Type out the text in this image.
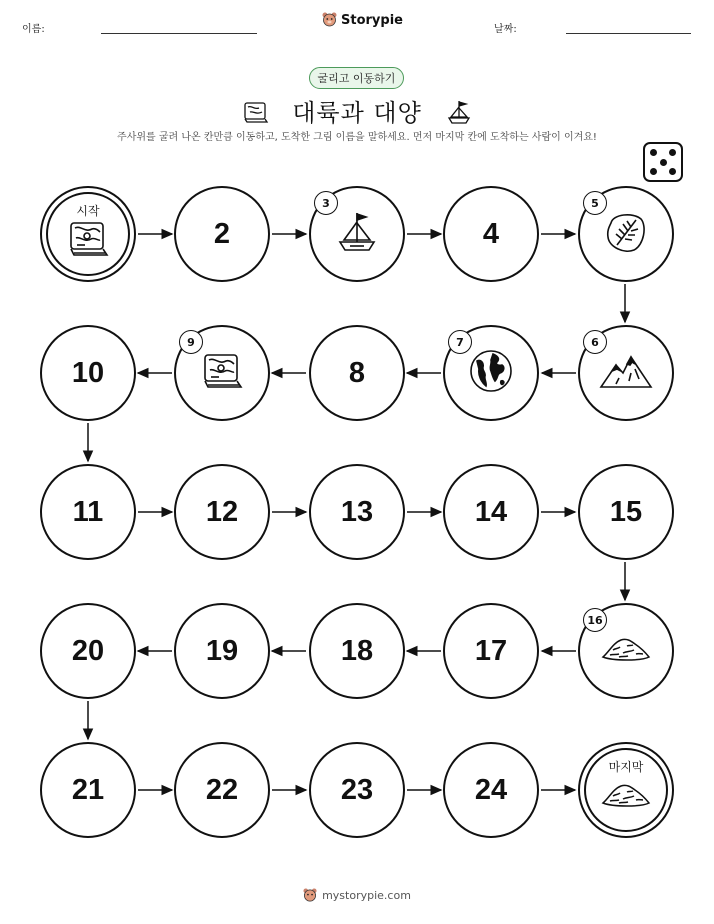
이름:
Storypie
날짜:
굴리고 이동하기
대륙과 대양
주사위를 굴려 나온 칸만큼 이동하고, 도착한 그림 이름을 말하세요. 먼저 마지막 칸에 도착하는 사람이 이겨요!
시작
2
3
4
5
6
7
8
9
10
11	12	13	14	15
16
17
18
19
20
21	22	23	24
마지막
mystorypie.com
